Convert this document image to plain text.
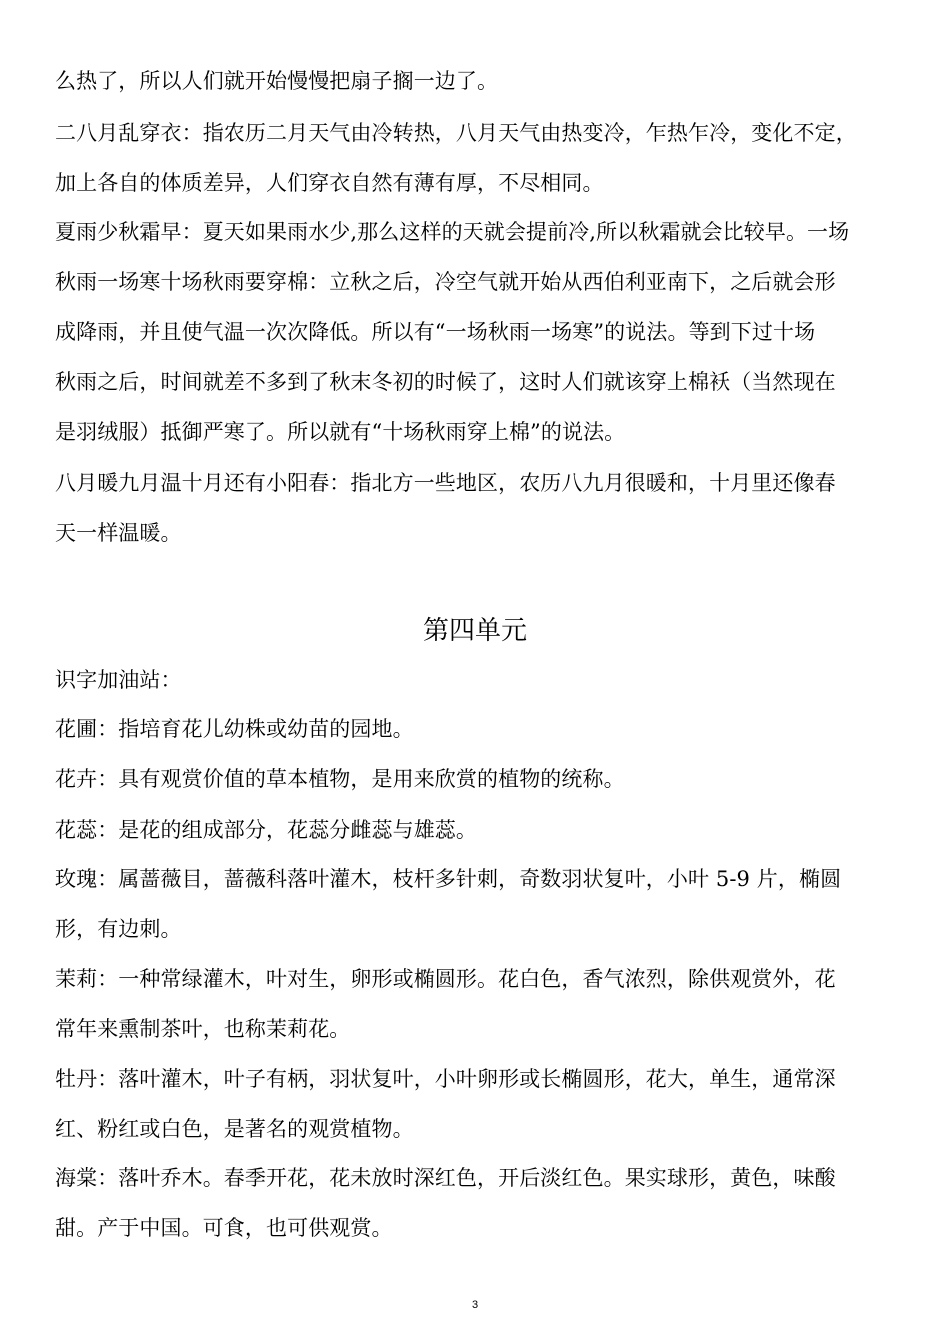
么热了，所以人们就开始慢慢把扇子搁一边了。
二八月乱穿衣：指农历二月天气由冷转热，八月天气由热变冷，乍热乍冷，变化不定，
加上各自的体质差异，人们穿衣自然有薄有厚，不尽相同。
夏雨少秋霜早：夏天如果雨水少,那么这样的天就会提前冷,所以秋霜就会比较早。一场
秋雨一场寒十场秋雨要穿棉：立秋之后，冷空气就开始从西伯利亚南下，之后就会形
成降雨，并且使气温一次次降低。所以有“一场秋雨一场寒”的说法。等到下过十场
秋雨之后，时间就差不多到了秋末冬初的时候了，这时人们就该穿上棉袄（当然现在
是羽绒服）抵御严寒了。所以就有“十场秋雨穿上棉”的说法。
八月暖九月温十月还有小阳春：指北方一些地区，农历八九月很暖和，十月里还像春
天一样温暖。
第四单元
识字加油站：
花圃：指培育花儿幼株或幼苗的园地。
花卉：具有观赏价值的草本植物，是用来欣赏的植物的统称。
花蕊：是花的组成部分，花蕊分雌蕊与雄蕊。
玫瑰：属蔷薇目，蔷薇科落叶灌木，枝杆多针刺，奇数羽状复叶，小叶 5-9 片，椭圆
形，有边刺。
茉莉：一种常绿灌木，叶对生，卵形或椭圆形。花白色，香气浓烈，除供观赏外，花
常年来熏制茶叶，也称茉莉花。
牡丹：落叶灌木，叶子有柄，羽状复叶，小叶卵形或长椭圆形，花大，单生，通常深
红、粉红或白色，是著名的观赏植物。
海棠：落叶乔木。春季开花，花未放时深红色，开后淡红色。果实球形，黄色，味酸
甜。产于中国。可食，也可供观赏。
3
